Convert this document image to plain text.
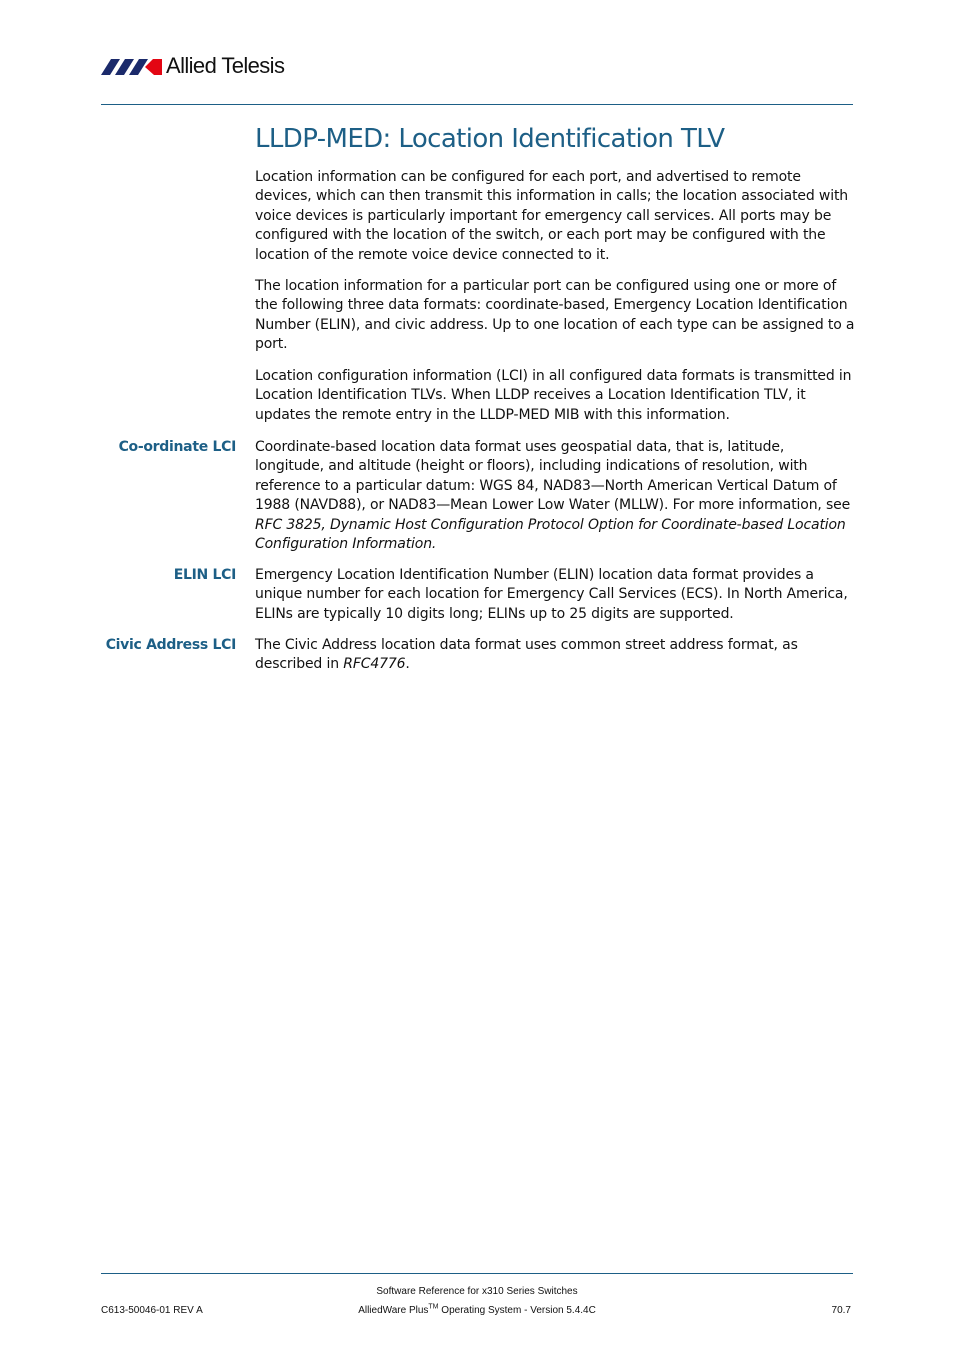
Allied Telesis
LLDP-MED: Location Identification TLV

Location information can be configured for each port, and advertised to remote devices, which can then transmit this information in calls; the location associated with voice devices is particularly important for emergency call services. All ports may be configured with the location of the switch, or each port may be configured with the location of the remote voice device connected to it.

The location information for a particular port can be configured using one or more of the following three data formats: coordinate-based, Emergency Location Identification Number (ELIN), and civic address. Up to one location of each type can be assigned to a port.

Location configuration information (LCI) in all configured data formats is transmitted in Location Identification TLVs. When LLDP receives a Location Identification TLV, it updates the remote entry in the LLDP-MED MIB with this information.

Co-ordinate LCI Coordinate-based location data format uses geospatial data, that is, latitude, longitude, and altitude (height or floors), including indications of resolution, with reference to a particular datum: WGS 84, NAD83—North American Vertical Datum of 1988 (NAVD88), or NAD83—Mean Lower Low Water (MLLW). For more information, see RFC 3825, Dynamic Host Configuration Protocol Option for Coordinate-based Location Configuration Information.

ELIN LCI Emergency Location Identification Number (ELIN) location data format provides a unique number for each location for Emergency Call Services (ECS). In North America, ELINs are typically 10 digits long; ELINs up to 25 digits are supported.

Civic Address LCI The Civic Address location data format uses common street address format, as described in RFC4776.

Software Reference for x310 Series Switches
C613-50046-01 REV A	AlliedWare Plus™ Operating System - Version 5.4.4C	70.7
